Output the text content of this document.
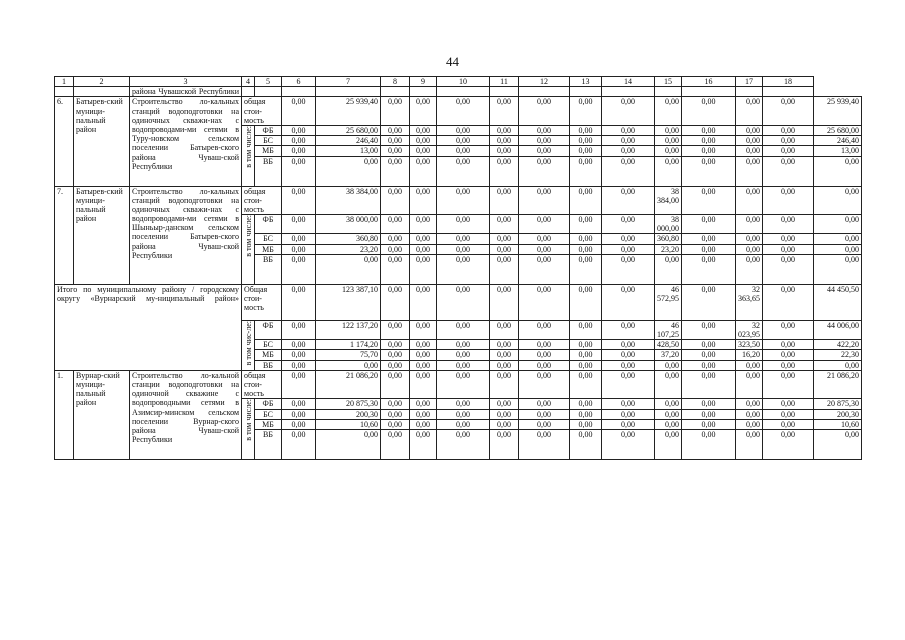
44
1	2	3	4	5	6	7	8	9	10	11	12	13	14	15	16	17	18	
		района Чувашской Республики																
6.	Батырев-ский муници-пальный район	Строительство ло-кальных станций водоподготовки на одиночных скважи-нах с водопроводами-ми сетями в Туру-новском сельском поселении Батырев-ского района Чуваш-ской Республики	общая стои-мость		0,00	25 939,40	0,00	0,00	0,00	0,00	0,00	0,00	0,00	0,00	0,00	0,00	0,00	25 939,40

			в том числе:	ФБ	0,00	25 680,00	0,00	0,00	0,00	0,00	0,00	0,00	0,00	0,00	0,00	0,00	0,00	25 680,00
				БС	0,00	246,40	0,00	0,00	0,00	0,00	0,00	0,00	0,00	0,00	0,00	0,00	0,00	246,40
				МБ	0,00	13,00	0,00	0,00	0,00	0,00	0,00	0,00	0,00	0,00	0,00	0,00	0,00	13,00
				ВБ	0,00	0,00	0,00	0,00	0,00	0,00	0,00	0,00	0,00	0,00	0,00	0,00	0,00	0,00
7.	Батырев-ский муници-пальный район	Строительство ло-кальных станций водоподготовки на одиночных скважи-нах с водопроводами-ми сетями в Шыньыр-данском сельском поселении Батырев-ского района Чуваш-ской Республики	общая стои-мость		0,00	38 384,00	0,00	0,00	0,00	0,00	0,00	0,00	0,00	38 384,00	0,00	0,00	0,00	0,00

			в том числе:	ФБ	0,00	38 000,00	0,00	0,00	0,00	0,00	0,00	0,00	0,00	38 000,00	0,00	0,00	0,00	0,00
				БС	0,00	360,80	0,00	0,00	0,00	0,00	0,00	0,00	0,00	360,80	0,00	0,00	0,00	0,00
				МБ	0,00	23,20	0,00	0,00	0,00	0,00	0,00	0,00	0,00	23,20	0,00	0,00	0,00	0,00
				ВБ	0,00	0,00	0,00	0,00	0,00	0,00	0,00	0,00	0,00	0,00	0,00	0,00	0,00	0,00
Итого по муниципальному району / городскому округу «Вурнарский му-ниципальный район»			Общая стои-мость		0,00	123 387,10	0,00	0,00	0,00	0,00	0,00	0,00	0,00	46 572,95	0,00	32 363,65	0,00	44 450,50

			в том чис-ле:	ФБ	0,00	122 137,20	0,00	0,00	0,00	0,00	0,00	0,00	0,00	46 107,25	0,00	32 023,95	0,00	44 006,00
				БС	0,00	1 174,20	0,00	0,00	0,00	0,00	0,00	0,00	0,00	428,50	0,00	323,50	0,00	422,20
				МБ	0,00	75,70	0,00	0,00	0,00	0,00	0,00	0,00	0,00	37,20	0,00	16,20	0,00	22,30
				ВБ	0,00	0,00	0,00	0,00	0,00	0,00	0,00	0,00	0,00	0,00	0,00	0,00	0,00	0,00
1.	Вурнар-ский муници-пальный район	Строительство ло-кальной станции водоподготовки на одиночной скважине с водопроводными сетями в Азимсир-минском сельском поселении Вурнар-ского района Чуваш-ской Республики	общая стои-мость		0,00	21 086,20	0,00	0,00	0,00	0,00	0,00	0,00	0,00	0,00	0,00	0,00	0,00	21 086,20

			в том числе:	ФБ	0,00	20 875,30	0,00	0,00	0,00	0,00	0,00	0,00	0,00	0,00	0,00	0,00	0,00	20 875,30
				БС	0,00	200,30	0,00	0,00	0,00	0,00	0,00	0,00	0,00	0,00	0,00	0,00	0,00	200,30
				МБ	0,00	10,60	0,00	0,00	0,00	0,00	0,00	0,00	0,00	0,00	0,00	0,00	0,00	10,60
				ВБ	0,00	0,00	0,00	0,00	0,00	0,00	0,00	0,00	0,00	0,00	0,00	0,00	0,00	0,00
